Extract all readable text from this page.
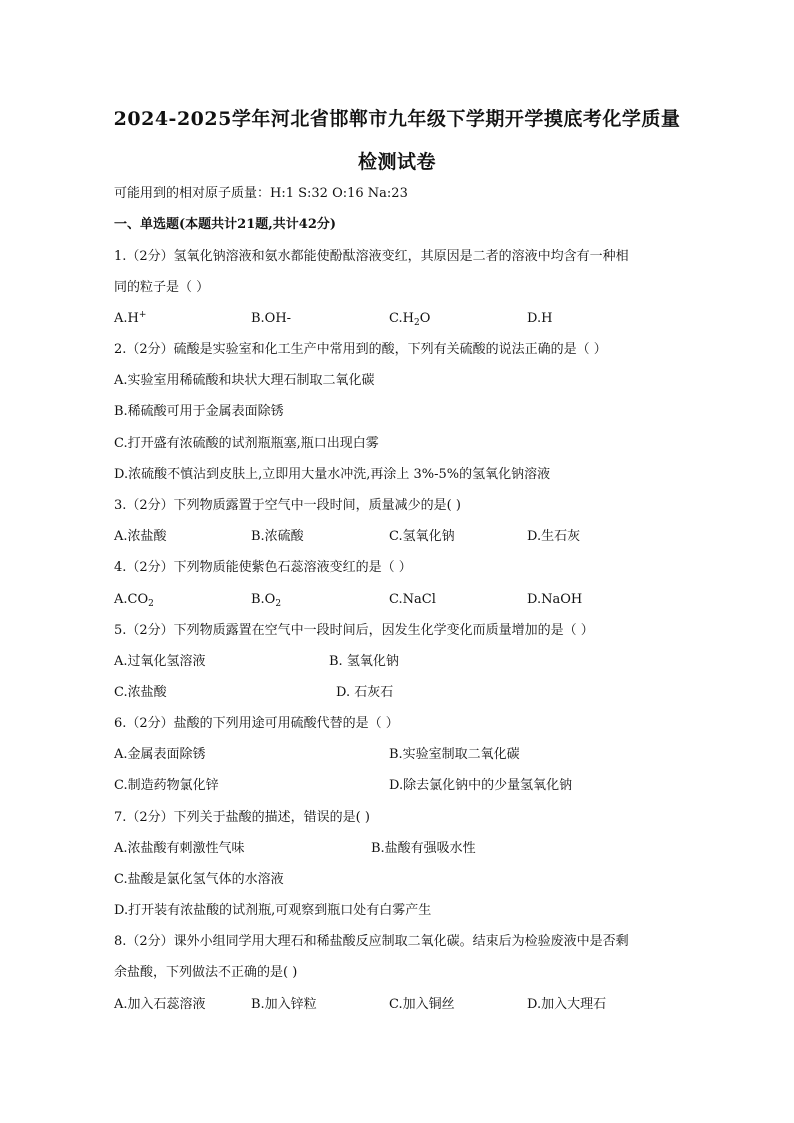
2024-2025学年河北省邯郸市九年级下学期开学摸底考化学质量
检测试卷
可能用到的相对原子质量：H:1 S:32 O:16 Na:23
一、单选题(本题共计21题,共计42分)
1.（2分）氢氧化钠溶液和氨水都能使酚酞溶液变红，其原因是二者的溶液中均含有一种相
同的粒子是（ ）
A.H+	B.OH-	$C.H_2O$	D.H
2.（2分）硫酸是实验室和化工生产中常用到的酸，下列有关硫酸的说法正确的是（ ）
A.实验室用稀硫酸和块状大理石制取二氧化碳
B.稀硫酸可用于金属表面除锈
C.打开盛有浓硫酸的试剂瓶瓶塞,瓶口出现白雾
D.浓硫酸不慎沾到皮肤上,立即用大量水冲洗,再涂上 3%-5%的氢氧化钠溶液
3.（2分）下列物质露置于空气中一段时间，质量减少的是( )
A.浓盐酸	B.浓硫酸	C.氢氧化钠	D.生石灰
4.（2分）下列物质能使紫色石蕊溶液变红的是（ ）
$A.CO_2$	$B.O_2$	C.NaCl	D.NaOH
5.（2分）下列物质露置在空气中一段时间后，因发生化学变化而质量增加的是（ ）
A.过氧化氢溶液	B. 氢氧化钠
C.浓盐酸	D. 石灰石
6.（2分）盐酸的下列用途可用硫酸代替的是（ ）
A.金属表面除锈	B.实验室制取二氧化碳
C.制造药物氯化锌	D.除去氯化钠中的少量氢氧化钠
7.（2分）下列关于盐酸的描述，错误的是( )
A.浓盐酸有刺激性气味	B.盐酸有强吸水性
C.盐酸是氯化氢气体的水溶液
D.打开装有浓盐酸的试剂瓶,可观察到瓶口处有白雾产生
8.（2分）课外小组同学用大理石和稀盐酸反应制取二氧化碳。结束后为检验废液中是否剩
余盐酸，下列做法不正确的是( )
A.加入石蕊溶液	B.加入锌粒	C.加入铜丝	D.加入大理石
